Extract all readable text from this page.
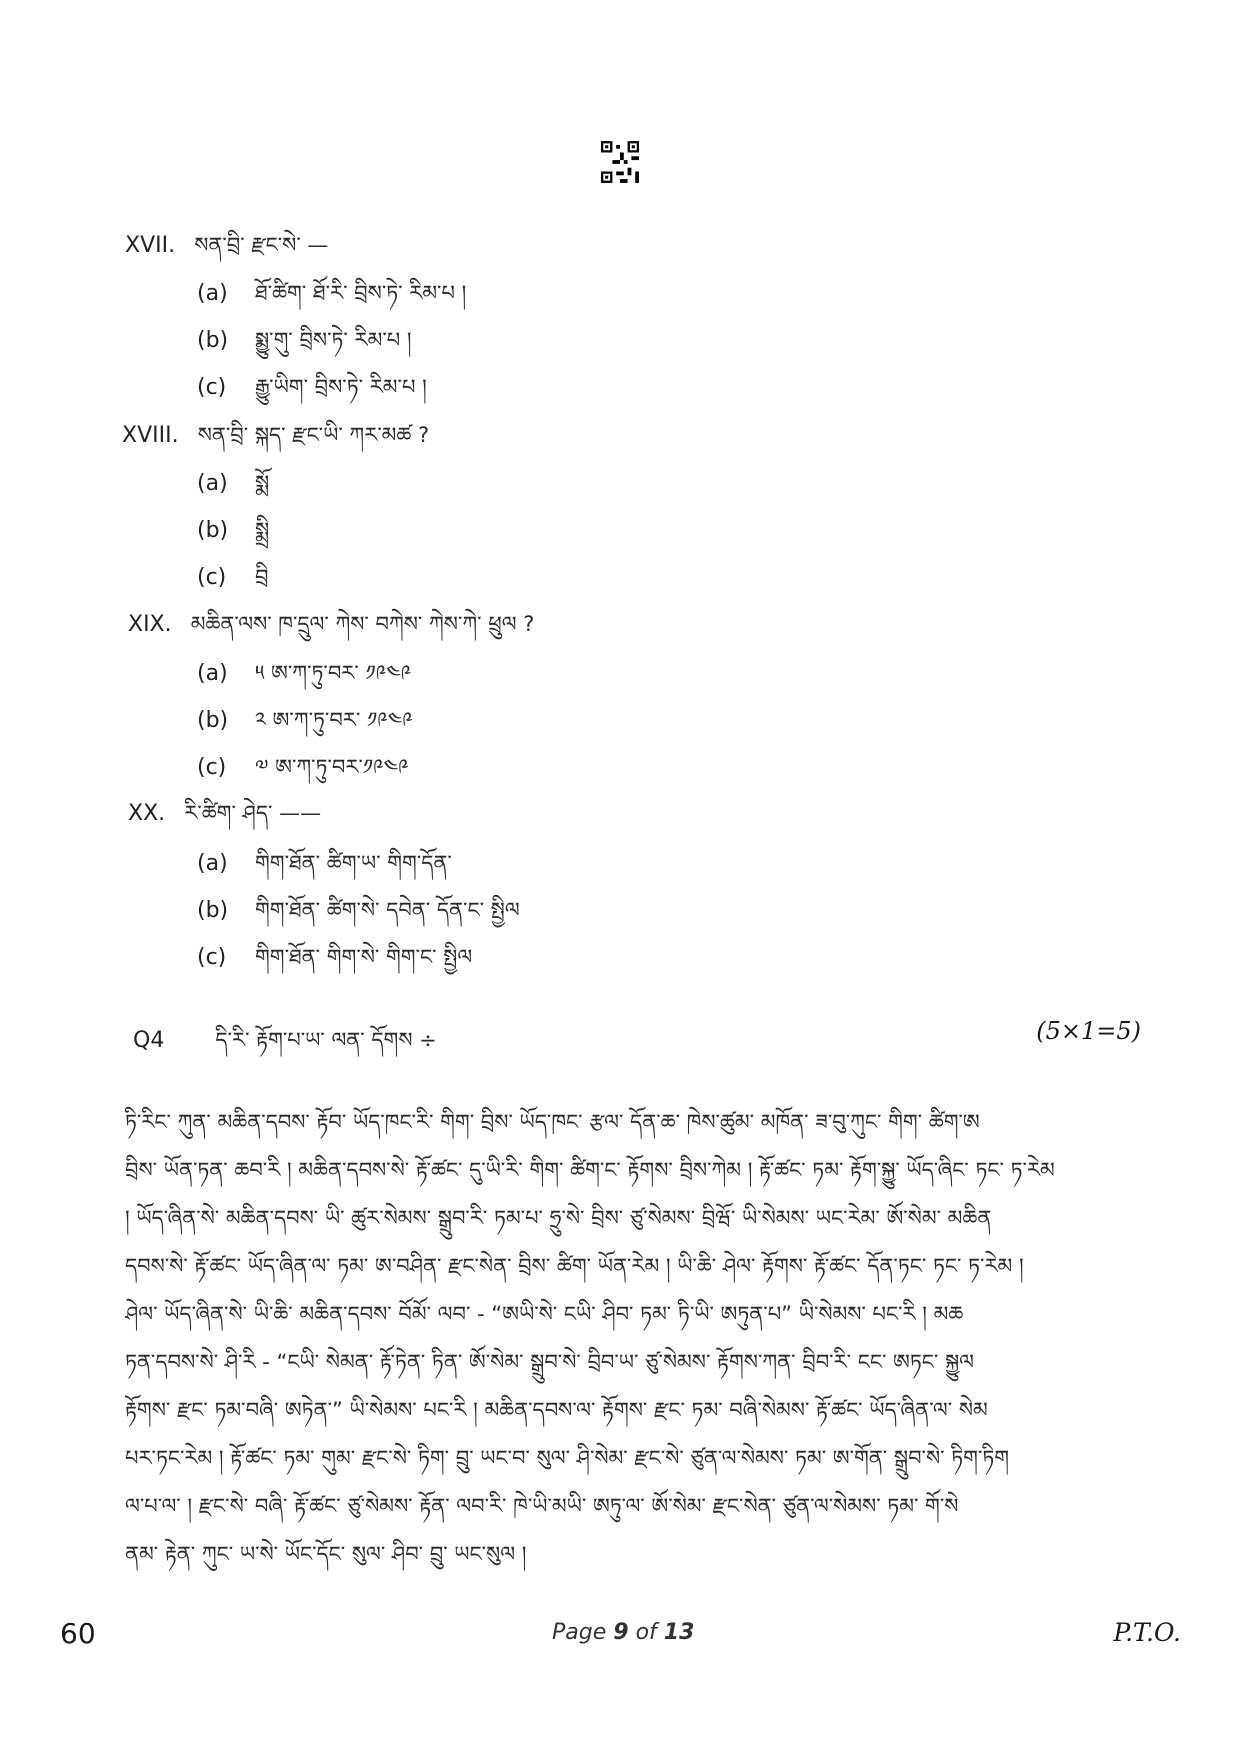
XVII. སན་བྲི་ རྫང་སེ་ —
(a) ཐོ་ཚིག་ ཐོ་རི་ བྲིས་ཏེ་ རིམ་པ །
(b) སྨྱུ་གུ་ བྲིས་ཏེ་ རིམ་པ །
(c) རྒྱུ་ཡིག་ བྲིས་ཏེ་ རིམ་པ །
XVIII. སན་བྲི་ སྐད་ རྫང་ཡི་ ཀར་མཚ ?
(a) སྨོ
(b) སྨྲི
(c) བྲི
XIX. མཆིན་ལས་ ཁ་དྲུལ་ ཀེས་ བཀེས་ ཀེས་ཀེ་ ཕྲུལ ?
(a) ༥ ཨ་ཀ་ཏུ་བར་ ༡༩༤༩
(b) ༢ ཨ་ཀ་ཏུ་བར་ ༡༩༤༩
(c) ༧ ཨ་ཀ་ཏུ་བར་༡༩༤༩
XX. རི་ཚིག་ ཤེད་ ——
(a) གིག་ཐོན་ ཚིག་ཡ་ གིག་དོན་
(b) གིག་ཐོན་ ཚིག་སེ་ དབེན་ དོན་ང་ སྤྱིལ
(c) གིག་ཐོན་ གིག་སེ་ གིག་ང་ སྤྱིལ
Q4 དི་རི་ རྟོག་པ་ཡ་ ལན་ དོགས ÷	(5×1=5)
ཏི་རིང་ ཀུན་ མཆིན་དབས་ རྟོབ་ ཡོད་ཁང་རི་ གིག་ བྲིས་ ཡོད་ཁང་ རྩལ་ དོན་ཆ་ ཁེས་ཚུམ་ མཁོན་ ཟ་བུ་ཀུང་ གིག་ ཚིག་ཨ
བྲིས་ ཡོན་ཏན་ ཆབ་རི ། མཆིན་དབས་སེ་ རྟོ་ཚང་ དུ་ཡི་རི་ གིག་ ཚིག་ང་ རྟོགས་ བྲིས་ཀེམ ། རྟོ་ཚང་ ཏམ་ རྟོག་སྐྱུ་ ཡོད་ཞིང་ ཏང་ ཏ་རེམ
། ཡོད་ཞིན་སེ་ མཆིན་དབས་ ཡི་ ཚུར་སེམས་ སྒྲུབ་རི་ ཏམ་པ་ ཧྲུ་སེ་ བྲིས་ ཙུ་སེམས་ བྲིཝོ་ ཡི་སེམས་ ཡང་རེམ་ ཨོ་སེམ་ མཆིན
དབས་སེ་ རྟོ་ཚང་ ཡོད་ཞིན་ལ་ ཏམ་ ཨ་བཤིན་ རྫང་སེན་ བྲིས་ ཚིག་ ཡོན་རེམ ། ཡི་ཆི་ ཤེལ་ རྟོགས་ རྟོ་ཚང་ དོན་ཏང་ ཏང་ ཏ་རེམ །
ཤེལ་ ཡོད་ཞིན་སེ་ ཡི་ཆི་ མཆིན་དབས་ བོམོ་ ལབ་ - “ཨཡི་སེ་ ངཡི་ ཤིབ་ ཏམ་ ཏི་ཡི་ ཨཏུན་པ” ཡི་སེམས་ པང་རི ། མཆ
ཏན་དབས་སེ་ ཤི་རི - “ངཡི་ སེམན་ རྟོ་ཏེན་ ཏིན་ ཨོ་སེམ་ སྒྲུབ་སེ་ བྲིབ་ཡ་ ཙུ་སེམས་ རྟོགས་ཀན་ བྲིབ་རི་ ངང་ ཨཏང་ སྐྱུལ
རྟོགས་ རྫང་ ཏམ་བཞི་ ཨཏེན་” ཡི་སེམས་ པང་རི ། མཆིན་དབས་ལ་ རྟོགས་ རྫང་ ཏམ་ བཞི་སེམས་ རྟོ་ཚང་ ཡོད་ཞིན་ལ་ སེམ
པར་ཏང་རེམ ། རྟོ་ཚང་ ཏམ་ གུམ་ རྫང་སེ་ ཏིག་ བྲུ་ ཡང་བ་ སུལ་ ཤི་སེམ་ རྫང་སེ་ ཙུན་ལ་སེམས་ ཏམ་ ཨ་གོན་ སྒྲུབ་སེ་ ཏིག་ཏིག
ལ་པ་ལ་ ། རྫང་སེ་ བཞི་ རྟོ་ཚང་ ཙུ་སེམས་ རྟོན་ ལབ་རི་ ཁེ་ཡི་མཡི་ ཨཏུ་ལ་ ཨོ་སེམ་ རྫང་སེན་ ཙུན་ལ་སེམས་ ཏམ་ གོ་སེ
ནམ་ རྟེན་ ཀུང་ ཡ་སེ་ ཡོང་དོང་ སུལ་ ཤིབ་ བྲུ་ ཡང་སུལ །
60	Page 9 of 13	P.T.O.
